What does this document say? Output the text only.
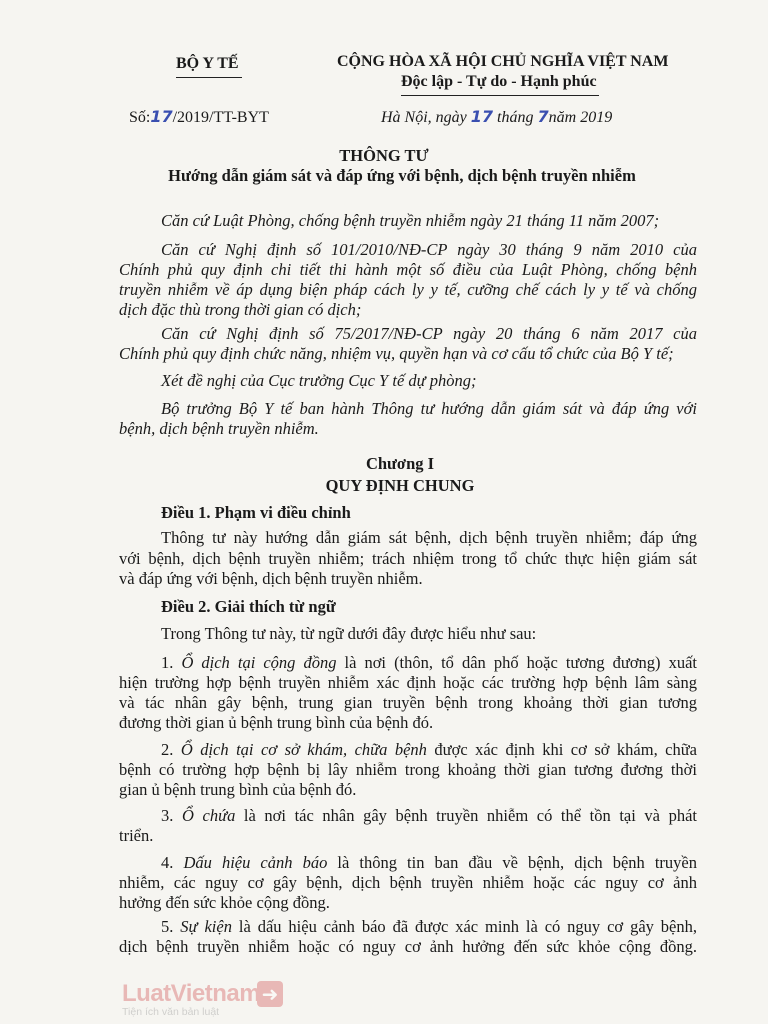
BỘ Y TẾ	CỘNG HÒA XÃ HỘI CHỦ NGHĨA VIỆT NAM
Độc lập - Tự do - Hạnh phúc
Số:17/2019/TT-BYT	Hà Nội, ngày 17 tháng 7năm 2019
THÔNG TƯ
Hướng dẫn giám sát và đáp ứng với bệnh, dịch bệnh truyền nhiễm
Căn cứ Luật Phòng, chống bệnh truyền nhiễm ngày 21 tháng 11 năm 2007;
Căn cứ Nghị định số 101/2010/NĐ-CP ngày 30 tháng 9 năm 2010 của
Chính phủ quy định chi tiết thi hành một số điều của Luật Phòng, chống bệnh
truyền nhiễm về áp dụng biện pháp cách ly y tế, cưỡng chế cách ly y tế và chống
dịch đặc thù trong thời gian có dịch;
Căn cứ Nghị định số 75/2017/NĐ-CP ngày 20 tháng 6 năm 2017 của
Chính phủ quy định chức năng, nhiệm vụ, quyền hạn và cơ cấu tổ chức của Bộ Y tế;
Xét đề nghị của Cục trưởng Cục Y tế dự phòng;
Bộ trưởng Bộ Y tế ban hành Thông tư hướng dẫn giám sát và đáp ứng với
bệnh, dịch bệnh truyền nhiễm.
Chương I
QUY ĐỊNH CHUNG
Điều 1. Phạm vi điều chỉnh
Thông tư này hướng dẫn giám sát bệnh, dịch bệnh truyền nhiễm; đáp ứng
với bệnh, dịch bệnh truyền nhiễm; trách nhiệm trong tổ chức thực hiện giám sát
và đáp ứng với bệnh, dịch bệnh truyền nhiễm.
Điều 2. Giải thích từ ngữ
Trong Thông tư này, từ ngữ dưới đây được hiểu như sau:
1. Ổ dịch tại cộng đồng là nơi (thôn, tổ dân phố hoặc tương đương) xuất
hiện trường hợp bệnh truyền nhiễm xác định hoặc các trường hợp bệnh lâm sàng
và tác nhân gây bệnh, trung gian truyền bệnh trong khoảng thời gian tương
đương thời gian ủ bệnh trung bình của bệnh đó.
2. Ổ dịch tại cơ sở khám, chữa bệnh được xác định khi cơ sở khám, chữa
bệnh có trường hợp bệnh bị lây nhiễm trong khoảng thời gian tương đương thời
gian ủ bệnh trung bình của bệnh đó.
3. Ổ chứa là nơi tác nhân gây bệnh truyền nhiễm có thể tồn tại và phát
triển.
4. Dấu hiệu cảnh báo là thông tin ban đầu về bệnh, dịch bệnh truyền
nhiễm, các nguy cơ gây bệnh, dịch bệnh truyền nhiễm hoặc các nguy cơ ảnh
hưởng đến sức khỏe cộng đồng.
5. Sự kiện là dấu hiệu cảnh báo đã được xác minh là có nguy cơ gây bệnh,
dịch bệnh truyền nhiễm hoặc có nguy cơ ảnh hưởng đến sức khỏe cộng đồng.
LuatVietnam
Tiện ích văn bản luật
➜
